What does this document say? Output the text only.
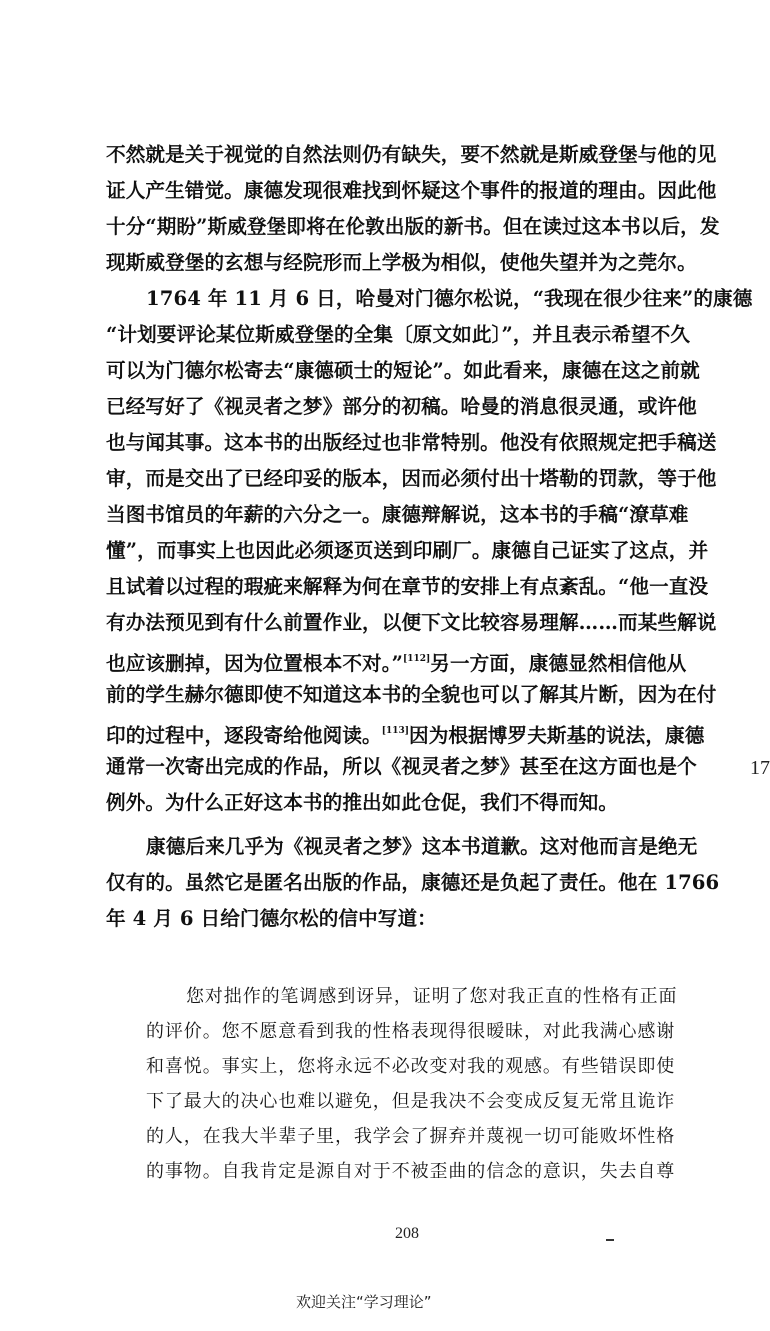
不然就是关于视觉的自然法则仍有缺失，要不然就是斯威登堡与他的见
证人产生错觉。康德发现很难找到怀疑这个事件的报道的理由。因此他
十分“期盼”斯威登堡即将在伦敦出版的新书。但在读过这本书以后，发
现斯威登堡的玄想与经院形而上学极为相似，使他失望并为之莞尔。
1764 年 11 月 6 日，哈曼对门德尔松说，“我现在很少往来”的康德
“计划要评论某位斯威登堡的全集〔原文如此〕”，并且表示希望不久
可以为门德尔松寄去“康德硕士的短论”。如此看来，康德在这之前就
已经写好了《视灵者之梦》部分的初稿。哈曼的消息很灵通，或许他
也与闻其事。这本书的出版经过也非常特别。他没有依照规定把手稿送
审，而是交出了已经印妥的版本，因而必须付出十塔勒的罚款，等于他
当图书馆员的年薪的六分之一。康德辩解说，这本书的手稿“潦草难
懂”，而事实上也因此必须逐页送到印刷厂。康德自己证实了这点，并
且试着以过程的瑕疵来解释为何在章节的安排上有点紊乱。“他一直没
有办法预见到有什么前置作业，以便下文比较容易理解……而某些解说
也应该删掉，因为位置根本不对。”[112]另一方面，康德显然相信他从
前的学生赫尔德即使不知道这本书的全貌也可以了解其片断，因为在付
印的过程中，逐段寄给他阅读。[113]因为根据博罗夫斯基的说法，康德
通常一次寄出完成的作品，所以《视灵者之梦》甚至在这方面也是个
例外。为什么正好这本书的推出如此仓促，我们不得而知。
康德后来几乎为《视灵者之梦》这本书道歉。这对他而言是绝无
仅有的。虽然它是匿名出版的作品，康德还是负起了责任。他在 1766
年 4 月 6 日给门德尔松的信中写道：
17
您对拙作的笔调感到讶异，证明了您对我正直的性格有正面
的评价。您不愿意看到我的性格表现得很暧昧，对此我满心感谢
和喜悦。事实上，您将永远不必改变对我的观感。有些错误即使
下了最大的决心也难以避免，但是我决不会变成反复无常且诡诈
的人，在我大半辈子里，我学会了摒弃并蔑视一切可能败坏性格
的事物。自我肯定是源自对于不被歪曲的信念的意识，失去自尊
208
欢迎关注“学习理论”
